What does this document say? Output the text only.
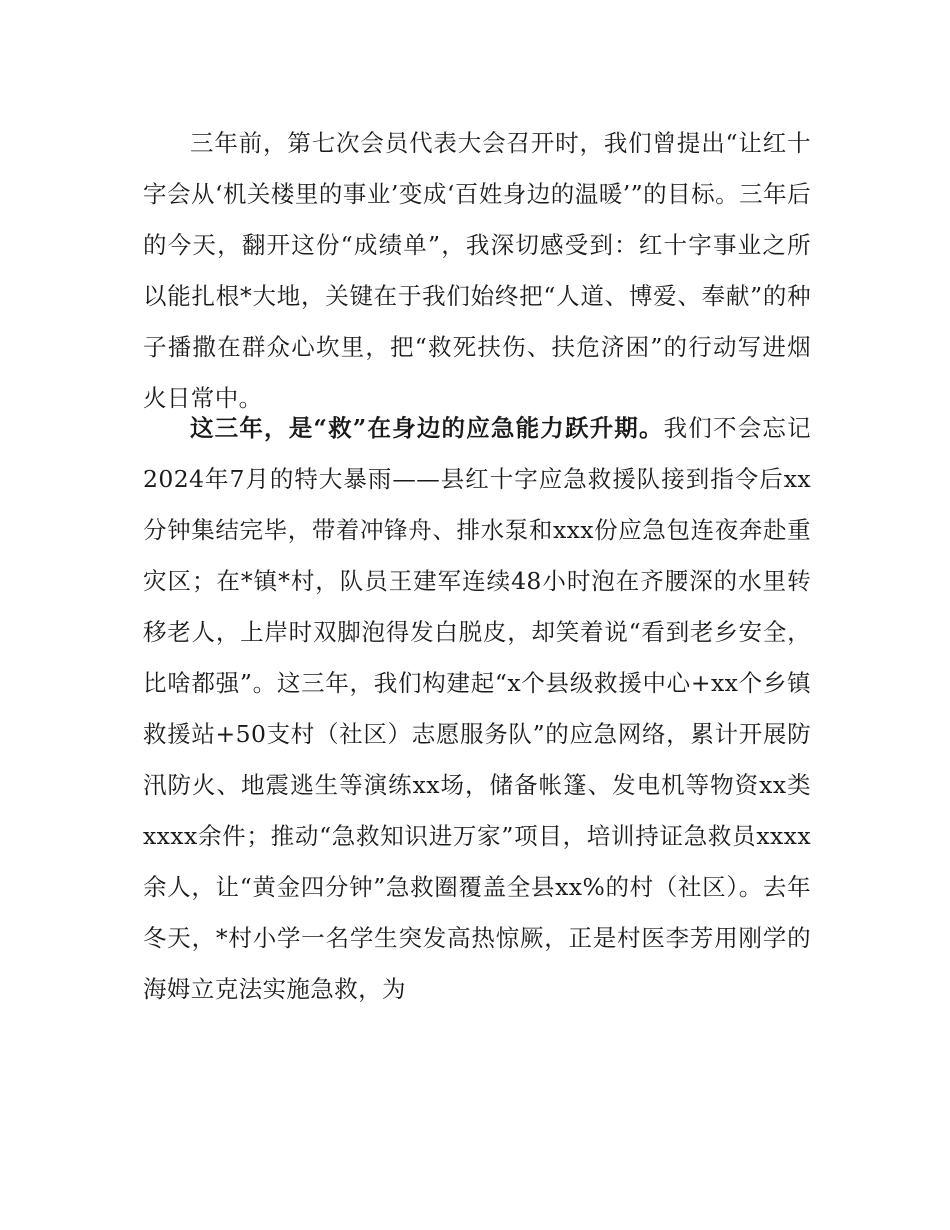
三年前，第七次会员代表大会召开时，我们曾提出“让红十字会从‘机关楼里的事业’变成‘百姓身边的温暖’”的目标。三年后的今天，翻开这份“成绩单”，我深切感受到：红十字事业之所以能扎根*大地，关键在于我们始终把“人道、博爱、奉献”的种子播撒在群众心坎里，把“救死扶伤、扶危济困”的行动写进烟火日常中。

这三年，是“救”在身边的应急能力跃升期。我们不会忘记2024年7月的特大暴雨——县红十字应急救援队接到指令后xx分钟集结完毕，带着冲锋舟、排水泵和xxx份应急包连夜奔赴重灾区；在*镇*村，队员王建军连续48小时泡在齐腰深的水里转移老人，上岸时双脚泡得发白脱皮，却笑着说“看到老乡安全，比啥都强”。这三年，我们构建起“x个县级救援中心+xx个乡镇救援站+50支村（社区）志愿服务队”的应急网络，累计开展防汛防火、地震逃生等演练xx场，储备帐篷、发电机等物资xx类xxxx余件；推动“急救知识进万家”项目，培训持证急救员xxxx余人，让“黄金四分钟”急救圈覆盖全县xx%的村（社区）。去年冬天，*村小学一名学生突发高热惊厥，正是村医李芳用刚学的海姆立克法实施急救，为
